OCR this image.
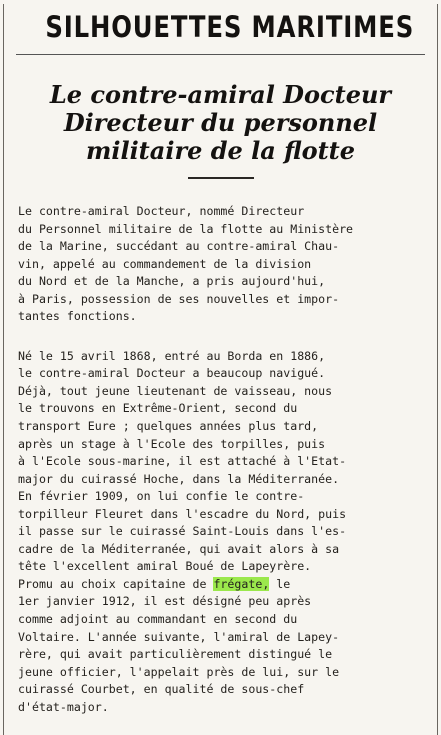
SILHOUETTES MARITIMES
Le contre-amiral Docteur
Directeur du personnel
militaire de la flotte
Le contre-amiral Docteur, nommé Directeur
du Personnel militaire de la flotte au Ministère
de la Marine, succédant au contre-amiral Chau-
vin, appelé au commandement de la division
du Nord et de la Manche, a pris aujourd'hui,
à Paris, possession de ses nouvelles et impor-
tantes fonctions.
Né le 15 avril 1868, entré au Borda en 1886,
le contre-amiral Docteur a beaucoup navigué.
Déjà, tout jeune lieutenant de vaisseau, nous
le trouvons en Extrême-Orient, second du
transport Eure ; quelques années plus tard,
après un stage à l'Ecole des torpilles, puis
à l'Ecole sous-marine, il est attaché à l'Etat-
major du cuirassé Hoche, dans la Méditerranée.
En février 1909, on lui confie le contre-
torpilleur Fleuret dans l'escadre du Nord, puis
il passe sur le cuirassé Saint-Louis dans l'es-
cadre de la Méditerranée, qui avait alors à sa
tête l'excellent amiral Boué de Lapeyrère.
Promu au choix capitaine de frégate, le
1er janvier 1912, il est désigné peu après
comme adjoint au commandant en second du
Voltaire. L'année suivante, l'amiral de Lapey-
rère, qui avait particulièrement distingué le
jeune officier, l'appelait près de lui, sur le
cuirassé Courbet, en qualité de sous-chef
d'état-major.
